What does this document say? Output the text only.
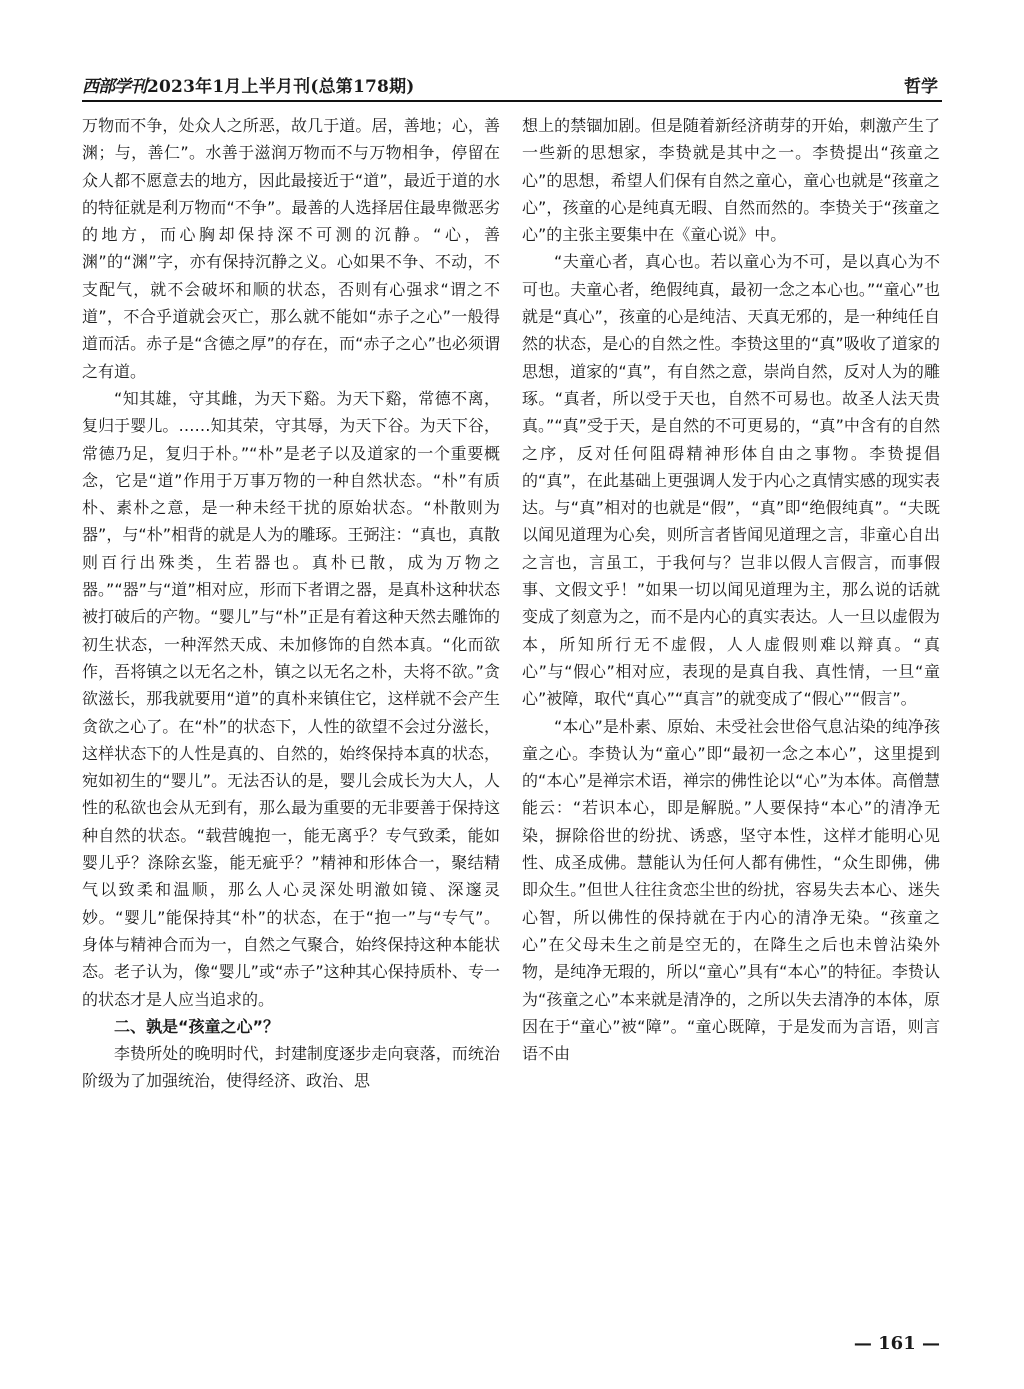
西部学刊2023年1月上半月刊(总第178期)	哲学

万物而不争，处众人之所恶，故几于道。居，善地；心，善渊；与，善仁”。水善于滋润万物而不与万物相争，停留在众人都不愿意去的地方，因此最接近于“道”，最近于道的水的特征就是利万物而“不争”。最善的人选择居住最卑微恶劣的地方，而心胸却保持深不可测的沉静。“心，善渊”的“渊”字，亦有保持沉静之义。心如果不争、不动，不支配气，就不会破坏和顺的状态，否则有心强求“谓之不道”，不合乎道就会灭亡，那么就不能如“赤子之心”一般得道而活。赤子是“含德之厚”的存在，而“赤子之心”也必须谓之有道。

“知其雄，守其雌，为天下谿。为天下谿，常德不离，复归于婴儿。……知其荣，守其辱，为天下谷。为天下谷，常德乃足，复归于朴。”“朴”是老子以及道家的一个重要概念，它是“道”作用于万事万物的一种自然状态。“朴”有质朴、素朴之意，是一种未经干扰的原始状态。“朴散则为器”，与“朴”相背的就是人为的雕琢。王弼注：“真也，真散则百行出殊类，生若器也。真朴已散，成为万物之器。”“器”与“道”相对应，形而下者谓之器，是真朴这种状态被打破后的产物。“婴儿”与“朴”正是有着这种天然去雕饰的初生状态，一种浑然天成、未加修饰的自然本真。“化而欲作，吾将镇之以无名之朴，镇之以无名之朴，夫将不欲。”贪欲滋长，那我就要用“道”的真朴来镇住它，这样就不会产生贪欲之心了。在“朴”的状态下，人性的欲望不会过分滋长，这样状态下的人性是真的、自然的，始终保持本真的状态，宛如初生的“婴儿”。无法否认的是，婴儿会成长为大人，人性的私欲也会从无到有，那么最为重要的无非要善于保持这种自然的状态。“载营魄抱一，能无离乎？专气致柔，能如婴儿乎？涤除玄鉴，能无疵乎？”精神和形体合一，聚结精气以致柔和温顺，那么人心灵深处明澈如镜、深邃灵妙。“婴儿”能保持其“朴”的状态，在于“抱一”与“专气”。身体与精神合而为一，自然之气聚合，始终保持这种本能状态。老子认为，像“婴儿”或“赤子”这种其心保持质朴、专一的状态才是人应当追求的。

二、孰是“孩童之心”？

李贽所处的晚明时代，封建制度逐步走向衰落，而统治阶级为了加强统治，使得经济、政治、思

想上的禁锢加剧。但是随着新经济萌芽的开始，刺激产生了一些新的思想家，李贽就是其中之一。李贽提出“孩童之心”的思想，希望人们保有自然之童心，童心也就是“孩童之心”，孩童的心是纯真无暇、自然而然的。李贽关于“孩童之心”的主张主要集中在《童心说》中。

“夫童心者，真心也。若以童心为不可，是以真心为不可也。夫童心者，绝假纯真，最初一念之本心也。”“童心”也就是“真心”，孩童的心是纯洁、天真无邪的，是一种纯任自然的状态，是心的自然之性。李贽这里的“真”吸收了道家的思想，道家的“真”，有自然之意，崇尚自然，反对人为的雕琢。“真者，所以受于天也，自然不可易也。故圣人法天贵真。”“真”受于天，是自然的不可更易的，“真”中含有的自然之序，反对任何阻碍精神形体自由之事物。李贽提倡的“真”，在此基础上更强调人发于内心之真情实感的现实表达。与“真”相对的也就是“假”，“真”即“绝假纯真”。“夫既以闻见道理为心矣，则所言者皆闻见道理之言，非童心自出之言也，言虽工，于我何与？岂非以假人言假言，而事假事、文假文乎！”如果一切以闻见道理为主，那么说的话就变成了刻意为之，而不是内心的真实表达。人一旦以虚假为本，所知所行无不虚假，人人虚假则难以辩真。“真心”与“假心”相对应，表现的是真自我、真性情，一旦“童心”被障，取代“真心”“真言”的就变成了“假心”“假言”。

“本心”是朴素、原始、未受社会世俗气息沾染的纯净孩童之心。李贽认为“童心”即“最初一念之本心”，这里提到的“本心”是禅宗术语，禅宗的佛性论以“心”为本体。高僧慧能云：“若识本心，即是解脱。”人要保持“本心”的清净无染，摒除俗世的纷扰、诱惑，坚守本性，这样才能明心见性、成圣成佛。慧能认为任何人都有佛性，“众生即佛，佛即众生。”但世人往往贪恋尘世的纷扰，容易失去本心、迷失心智，所以佛性的保持就在于内心的清净无染。“孩童之心”在父母未生之前是空无的，在降生之后也未曾沾染外物，是纯净无瑕的，所以“童心”具有“本心”的特征。李贽认为“孩童之心”本来就是清净的，之所以失去清净的本体，原因在于“童心”被“障”。“童心既障，于是发而为言语，则言语不由

— 161 —
